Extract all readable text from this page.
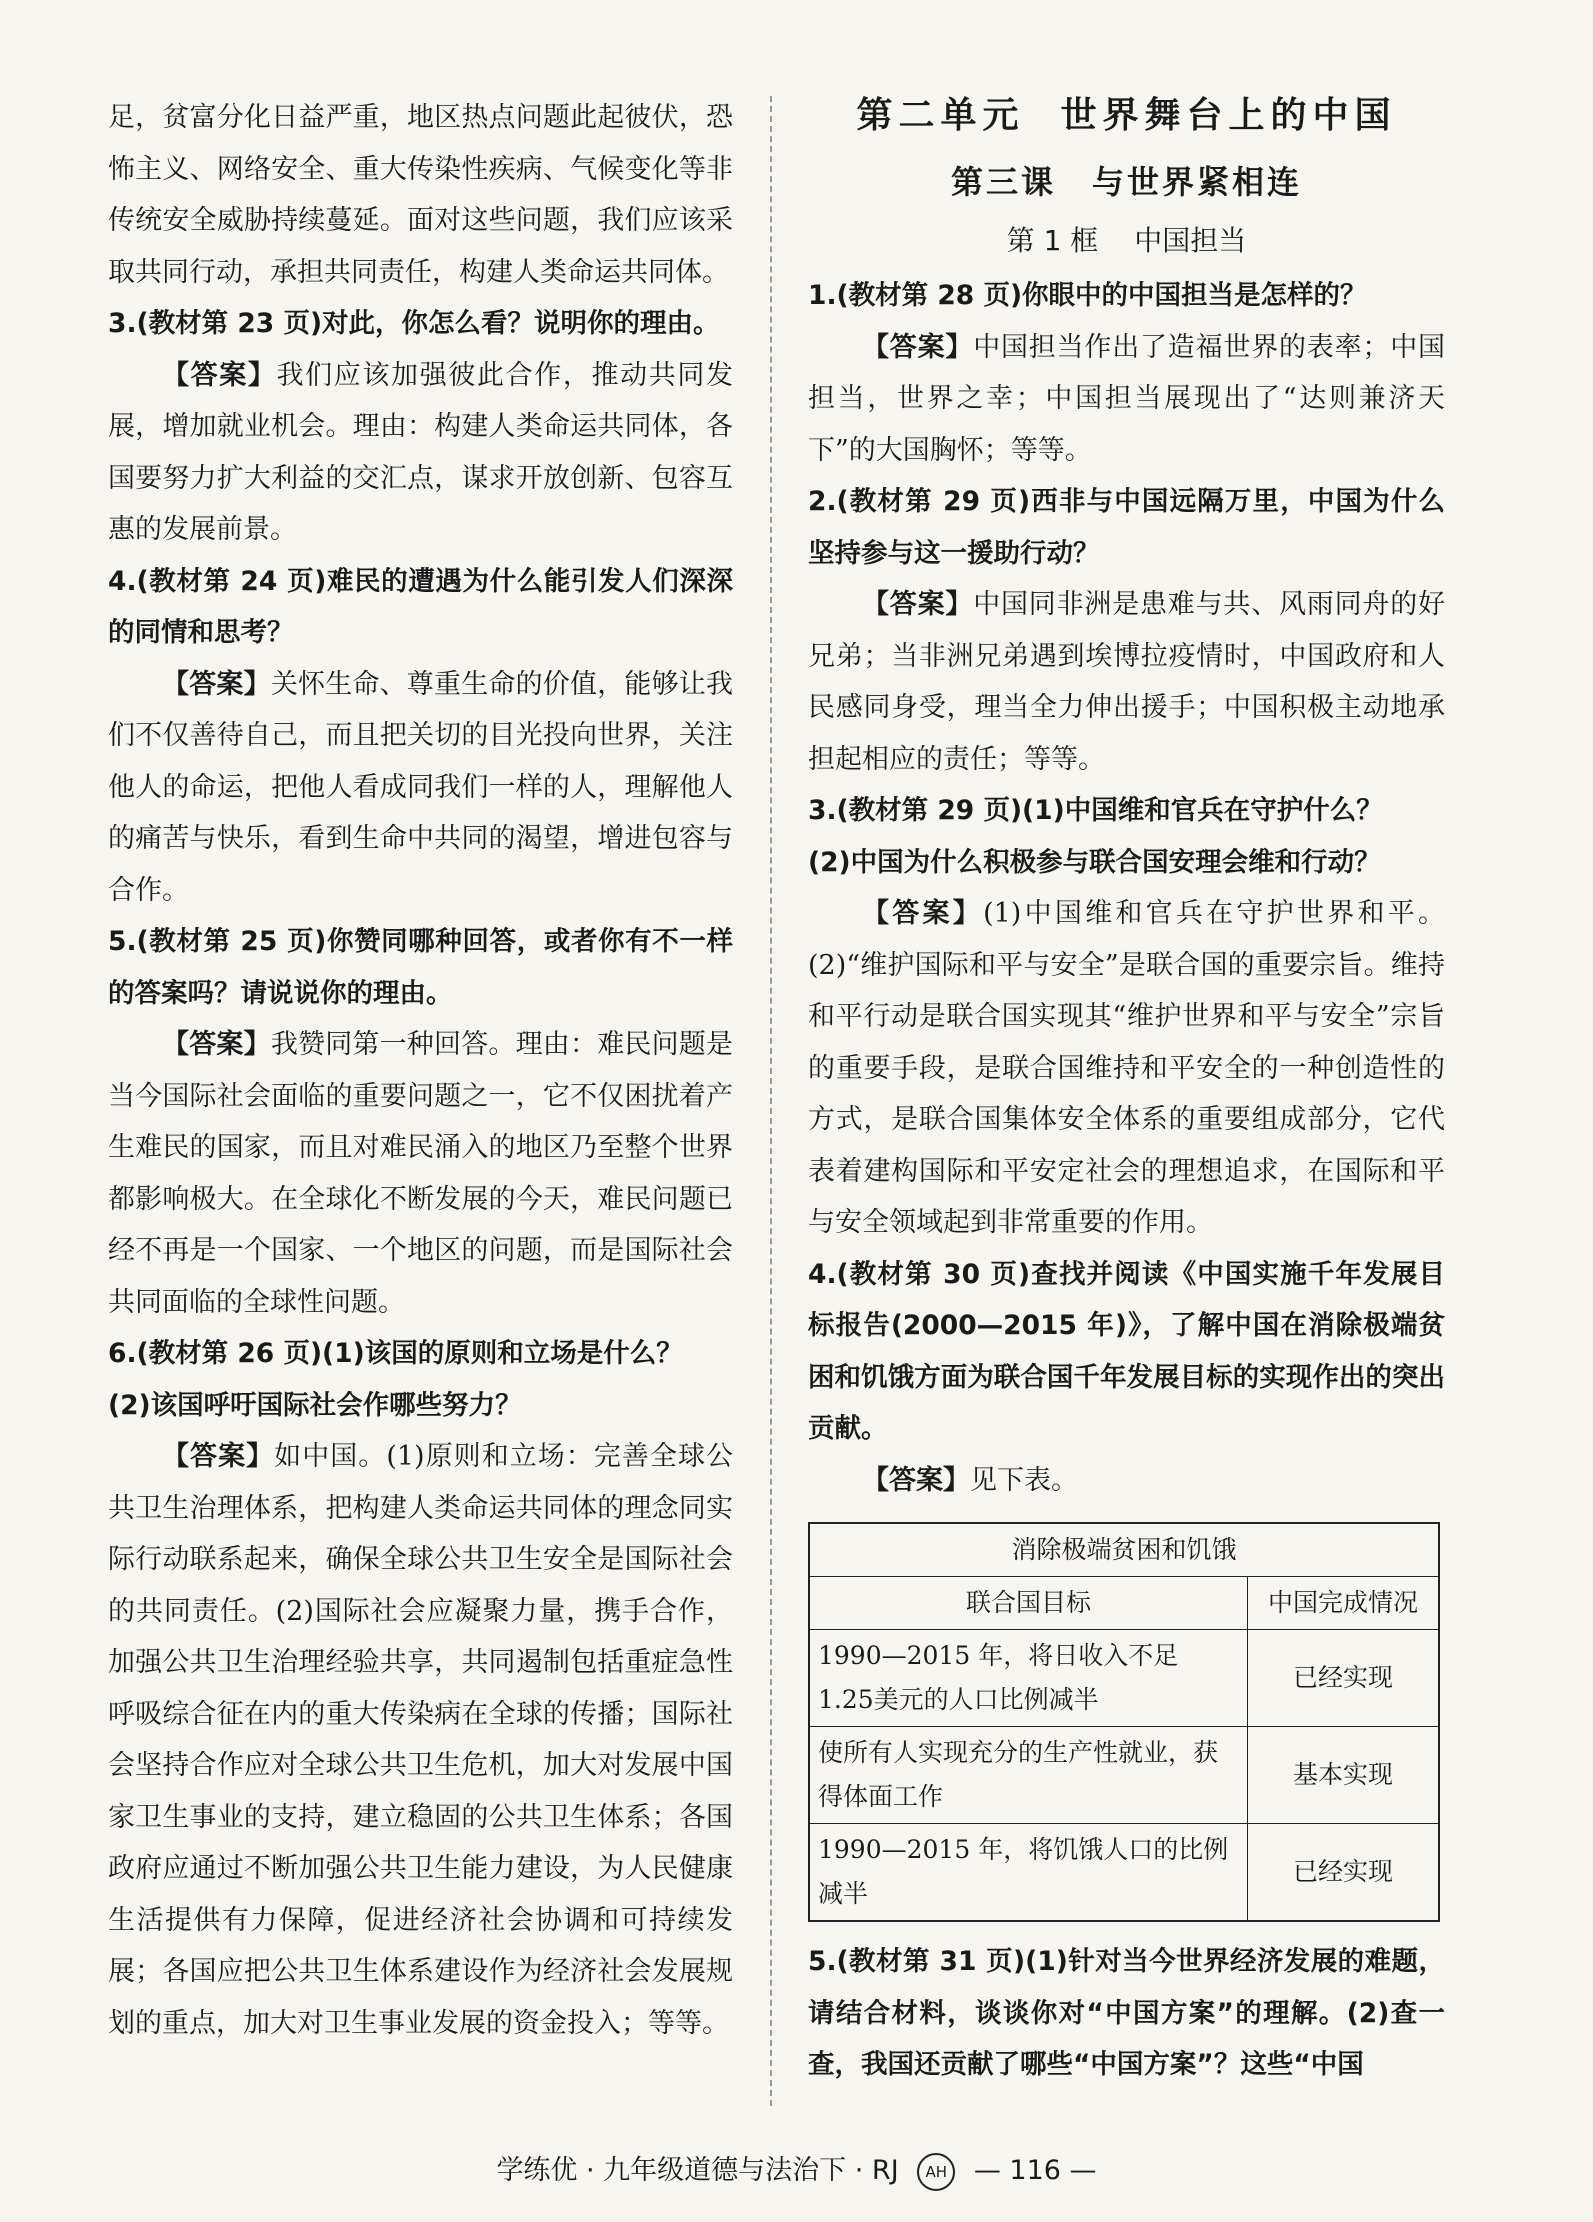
足，贫富分化日益严重，地区热点问题此起彼伏，恐怖主义、网络安全、重大传染性疾病、气候变化等非传统安全威胁持续蔓延。面对这些问题，我们应该采取共同行动，承担共同责任，构建人类命运共同体。

3.(教材第 23 页)对此，你怎么看？说明你的理由。

【答案】我们应该加强彼此合作，推动共同发展，增加就业机会。理由：构建人类命运共同体，各国要努力扩大利益的交汇点，谋求开放创新、包容互惠的发展前景。

4.(教材第 24 页)难民的遭遇为什么能引发人们深深的同情和思考？

【答案】关怀生命、尊重生命的价值，能够让我们不仅善待自己，而且把关切的目光投向世界，关注他人的命运，把他人看成同我们一样的人，理解他人的痛苦与快乐，看到生命中共同的渴望，增进包容与合作。

5.(教材第 25 页)你赞同哪种回答，或者你有不一样的答案吗？请说说你的理由。

【答案】我赞同第一种回答。理由：难民问题是当今国际社会面临的重要问题之一，它不仅困扰着产生难民的国家，而且对难民涌入的地区乃至整个世界都影响极大。在全球化不断发展的今天，难民问题已经不再是一个国家、一个地区的问题，而是国际社会共同面临的全球性问题。

6.(教材第 26 页)(1)该国的原则和立场是什么？

(2)该国呼吁国际社会作哪些努力？

【答案】如中国。(1)原则和立场：完善全球公共卫生治理体系，把构建人类命运共同体的理念同实际行动联系起来，确保全球公共卫生安全是国际社会的共同责任。(2)国际社会应凝聚力量，携手合作，加强公共卫生治理经验共享，共同遏制包括重症急性呼吸综合征在内的重大传染病在全球的传播；国际社会坚持合作应对全球公共卫生危机，加大对发展中国家卫生事业的支持，建立稳固的公共卫生体系；各国政府应通过不断加强公共卫生能力建设，为人民健康生活提供有力保障，促进经济社会协调和可持续发展；各国应把公共卫生体系建设作为经济社会发展规划的重点，加大对卫生事业发展的资金投入；等等。

第二单元 世界舞台上的中国
第三课 与世界紧相连
第 1 框 中国担当

1.(教材第 28 页)你眼中的中国担当是怎样的？

【答案】中国担当作出了造福世界的表率；中国担当，世界之幸；中国担当展现出了“达则兼济天下”的大国胸怀；等等。

2.(教材第 29 页)西非与中国远隔万里，中国为什么坚持参与这一援助行动？

【答案】中国同非洲是患难与共、风雨同舟的好兄弟；当非洲兄弟遇到埃博拉疫情时，中国政府和人民感同身受，理当全力伸出援手；中国积极主动地承担起相应的责任；等等。

3.(教材第 29 页)(1)中国维和官兵在守护什么？

(2)中国为什么积极参与联合国安理会维和行动？

【答案】(1)中国维和官兵在守护世界和平。(2)“维护国际和平与安全”是联合国的重要宗旨。维持和平行动是联合国实现其“维护世界和平与安全”宗旨的重要手段，是联合国维持和平安全的一种创造性的方式，是联合国集体安全体系的重要组成部分，它代表着建构国际和平安定社会的理想追求，在国际和平与安全领域起到非常重要的作用。

4.(教材第 30 页)查找并阅读《中国实施千年发展目标报告(2000—2015 年)》，了解中国在消除极端贫困和饥饿方面为联合国千年发展目标的实现作出的突出贡献。

【答案】见下表。

消除极端贫困和饥饿	
联合国目标	中国完成情况
1990—2015 年，将日收入不足 1.25美元的人口比例减半	已经实现
使所有人实现充分的生产性就业，获得体面工作	基本实现
1990—2015 年，将饥饿人口的比例减半	已经实现

5.(教材第 31 页)(1)针对当今世界经济发展的难题，请结合材料，谈谈你对“中国方案”的理解。(2)查一查，我国还贡献了哪些“中国方案”？这些“中国

学练优 · 九年级道德与法治下 · RJ AH — 116 —
